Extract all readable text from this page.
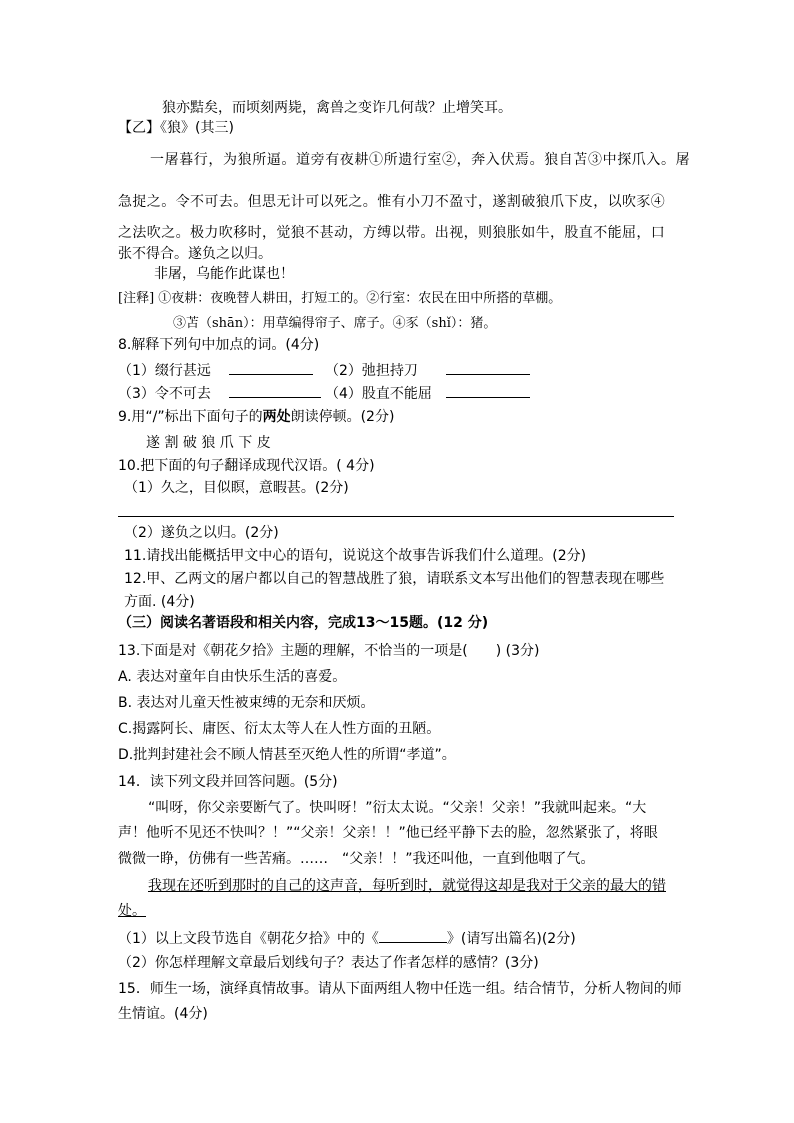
狼亦黠矣，而顷刻两毙，禽兽之变诈几何哉？止增笑耳。
【乙】《狼》(其三)
一屠暮行，为狼所逼。道旁有夜耕①所遗行室②，奔入伏焉。狼自苫③中探爪入。屠
急捉之。令不可去。但思无计可以死之。惟有小刀不盈寸，遂割破狼爪下皮，以吹豕④
之法吹之。极力吹移时，觉狼不甚动，方缚以带。出视，则狼胀如牛，股直不能屈，口
张不得合。遂负之以归。
非屠，乌能作此谋也！
[注释] ①夜耕：夜晚替人耕田，打短工的。②行室：农民在田中所搭的草棚。
③苫（shān）：用草编得帘子、席子。④豕（shǐ）：猪。
8.解释下列句中加点的词。(4分)
（1）缀行甚远	（2）弛担持刀
（3）令不可去	（4）股直不能屈
9.用“/”标出下面句子的两处朗读停顿。(2分)
遂 割 破 狼 爪 下 皮
10.把下面的句子翻译成现代汉语。( 4分)
（1）久之，目似瞑，意暇甚。(2分)
（2）遂负之以归。(2分)
11.请找出能概括甲文中心的语句，说说这个故事告诉我们什么道理。(2分)
12.甲、乙两文的屠户都以自己的智慧战胜了狼，请联系文本写出他们的智慧表现在哪些
方面. (4分)
（三）阅读名著语段和相关内容，完成13～15题。(12 分)
13.下面是对《朝花夕拾》主题的理解，不恰当的一项是(　　) (3分)
A. 表达对童年自由快乐生活的喜爱。
B. 表达对儿童天性被束缚的无奈和厌烦。
C.揭露阿长、庸医、衍太太等人在人性方面的丑陋。
D.批判封建社会不顾人情甚至灭绝人性的所谓“孝道”。
14．读下列文段并回答问题。(5分)
“叫呀，你父亲要断气了。快叫呀！”衍太太说。“父亲！父亲！”我就叫起来。“大
声！他听不见还不快叫？！”“父亲！父亲！！”他已经平静下去的脸，忽然紧张了，将眼
微微一睁，仿佛有一些苦痛。……　“父亲！！”我还叫他，一直到他咽了气。
我现在还听到那时的自己的这声音，每听到时，就觉得这却是我对于父亲的最大的错
处。
（1）以上文段节选自《朝花夕拾》中的《	》(请写出篇名)(2分)
（2）你怎样理解文章最后划线句子？表达了作者怎样的感情？(3分)
15．师生一场，演绎真情故事。请从下面两组人物中任选一组。结合情节，分析人物间的师
生情谊。(4分)
